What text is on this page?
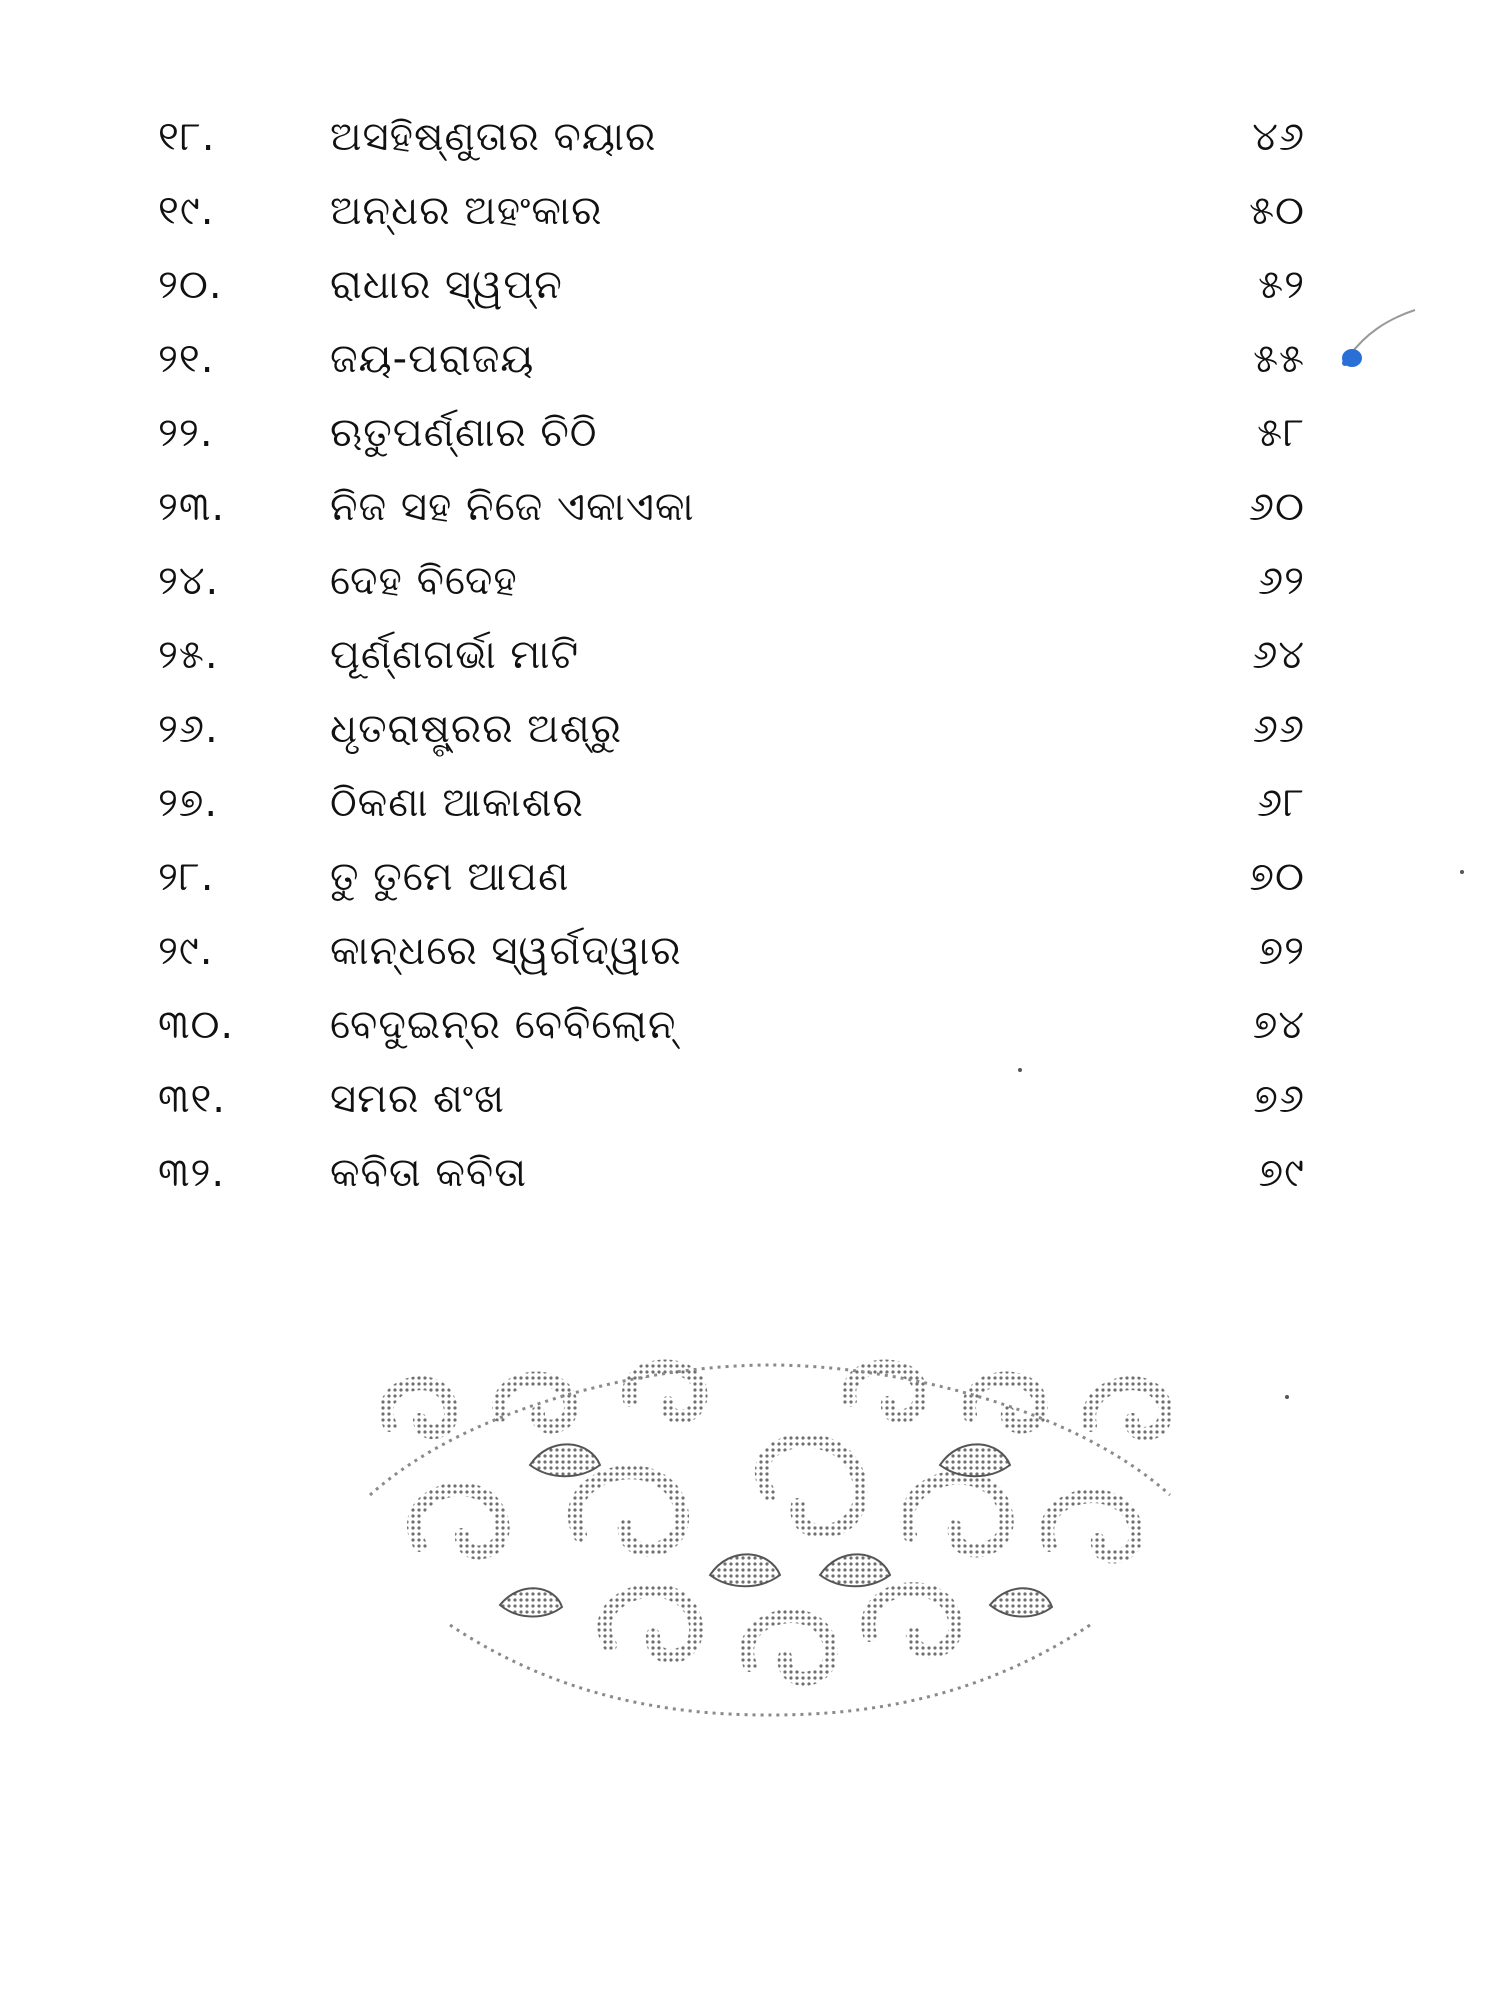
୧୮.	ଅସହିଷ୍ଣୁତାର ବୟାର	୪୬
୧୯.	ଅନ୍ଧର ଅହଂକାର	୫୦
୨୦.	ରାଧାର ସ୍ୱପ୍ନ	୫୨
୨୧.	ଜୟ-ପରାଜୟ	୫୫
୨୨.	ଋତୁପର୍ଣ୍ଣାର ଚିଠି	୫୮
୨୩.	ନିଜ ସହ ନିଜେ ଏକାଏକା	୬୦
୨୪.	ଦେହ ବିଦେହ	୬୨
୨୫.	ପୂର୍ଣ୍ଣଗର୍ଭା ମାଟି	୬୪
୨୬.	ଧୃତରାଷ୍ଟ୍ରର ଅଶ୍ରୁ	୬୬
୨୭.	ଠିକଣା ଆକାଶର	୬୮
୨୮.	ତୁ ତୁମେ ଆପଣ	୭୦
୨୯.	କାନ୍ଧରେ ସ୍ୱର୍ଗଦ୍ୱାର	୭୨
୩୦. ବେଦୁଇନ୍‌ର ବେବିଲୋନ୍	୭୪
୩୧.	ସମର ଶଂଖ	୭୬
୩୨.	କବିତା କବିତା	୭୯
